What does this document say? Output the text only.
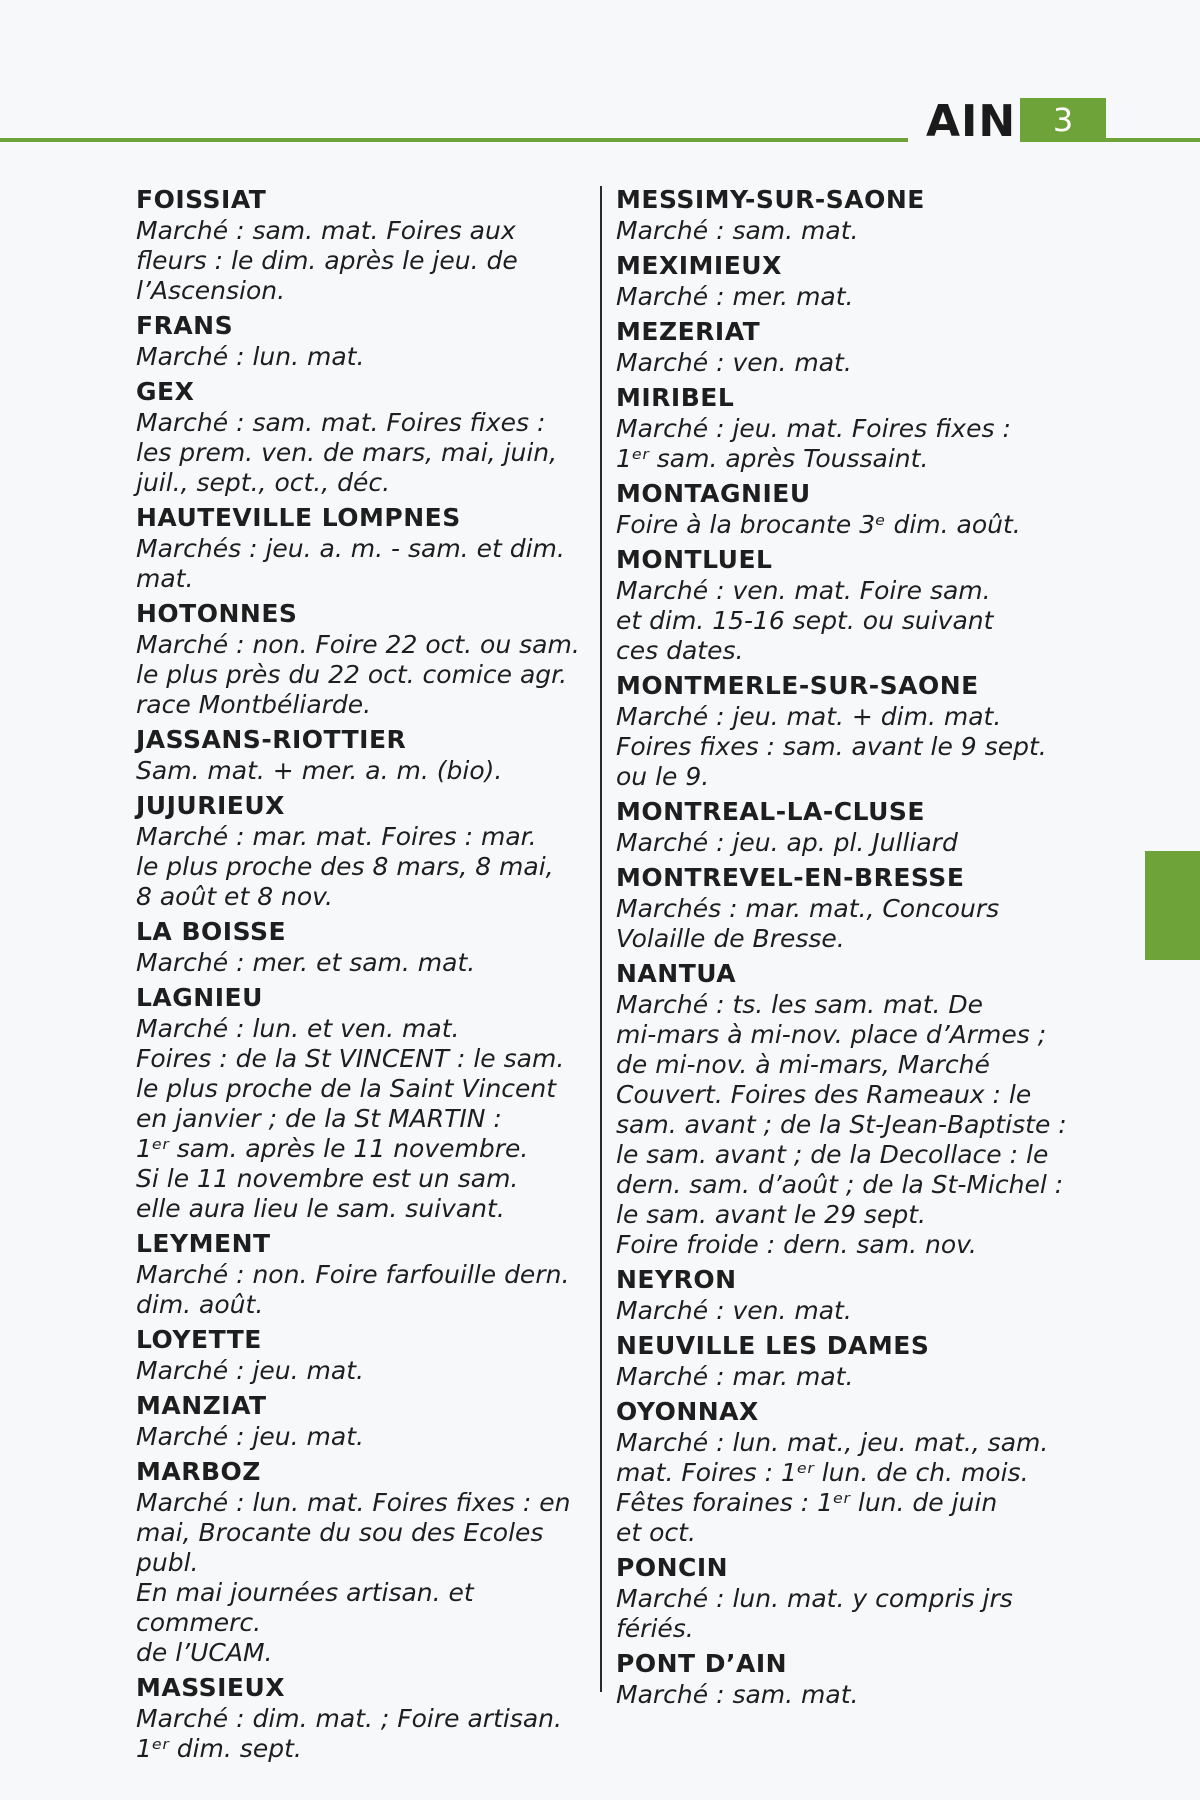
AIN	3

FOISSIAT

Marché : sam. mat. Foires aux
fleurs : le dim. après le jeu. de
l’Ascension.

FRANS

Marché : lun. mat.

GEX

Marché : sam. mat. Foires fixes :
les prem. ven. de mars, mai, juin,
juil., sept., oct., déc.

HAUTEVILLE LOMPNES

Marchés : jeu. a. m. - sam. et dim.
mat.

HOTONNES

Marché : non. Foire 22 oct. ou sam.
le plus près du 22 oct. comice agr.
race Montbéliarde.

JASSANS-RIOTTIER

Sam. mat. + mer. a. m. (bio).

JUJURIEUX

Marché : mar. mat. Foires : mar.
le plus proche des 8 mars, 8 mai,
8 août et 8 nov.

LA BOISSE

Marché : mer. et sam. mat.

LAGNIEU

Marché : lun. et ven. mat.
Foires : de la St VINCENT : le sam.
le plus proche de la Saint Vincent
en janvier ; de la St MARTIN :
1ᵉʳ sam. après le 11 novembre.
Si le 11 novembre est un sam.
elle aura lieu le sam. suivant.

LEYMENT

Marché : non. Foire farfouille dern.
dim. août.

LOYETTE

Marché : jeu. mat.

MANZIAT

Marché : jeu. mat.

MARBOZ

Marché : lun. mat. Foires fixes : en
mai, Brocante du sou des Ecoles publ.
En mai journées artisan. et commerc.
de l’UCAM.

MASSIEUX

Marché : dim. mat. ; Foire artisan.
1ᵉʳ dim. sept.

MESSIMY-SUR-SAONE

Marché : sam. mat.

MEXIMIEUX

Marché : mer. mat.

MEZERIAT

Marché : ven. mat.

MIRIBEL

Marché : jeu. mat. Foires fixes :
1ᵉʳ sam. après Toussaint.

MONTAGNIEU

Foire à la brocante 3ᵉ dim. août.

MONTLUEL

Marché : ven. mat. Foire sam.
et dim. 15-16 sept. ou suivant
ces dates.

MONTMERLE-SUR-SAONE

Marché : jeu. mat. + dim. mat.
Foires fixes : sam. avant le 9 sept.
ou le 9.

MONTREAL-LA-CLUSE

Marché : jeu. ap. pl. Julliard

MONTREVEL-EN-BRESSE

Marchés : mar. mat., Concours
Volaille de Bresse.

NANTUA

Marché : ts. les sam. mat. De
mi-mars à mi-nov. place d’Armes ;
de mi-nov. à mi-mars, Marché
Couvert. Foires des Rameaux : le
sam. avant ; de la St-Jean-Baptiste :
le sam. avant ; de la Decollace : le
dern. sam. d’août ; de la St-Michel :
le sam. avant le 29 sept.
Foire froide : dern. sam. nov.

NEYRON

Marché : ven. mat.

NEUVILLE LES DAMES

Marché : mar. mat.

OYONNAX

Marché : lun. mat., jeu. mat., sam.
mat. Foires : 1ᵉʳ lun. de ch. mois.
Fêtes foraines : 1ᵉʳ lun. de juin
et oct.

PONCIN

Marché : lun. mat. y compris jrs
fériés.

PONT D’AIN

Marché : sam. mat.
